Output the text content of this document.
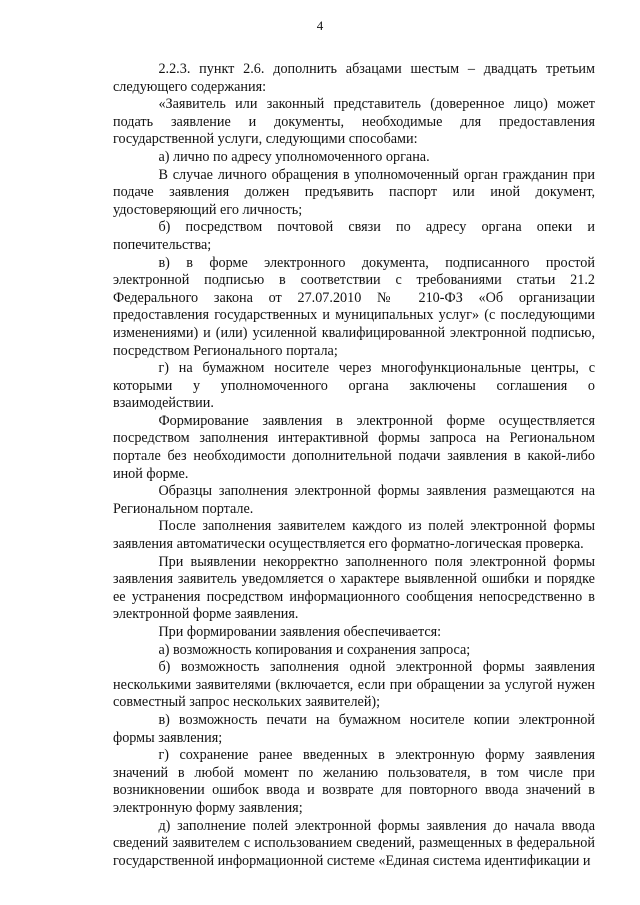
4

2.2.3. пункт 2.6. дополнить абзацами шестым – двадцать третьим следующего содержания:

«Заявитель или законный представитель (доверенное лицо) может подать заявление и документы, необходимые для предоставления государственной услуги, следующими способами:

а) лично по адресу уполномоченного органа.

В случае личного обращения в уполномоченный орган гражданин при подаче заявления должен предъявить паспорт или иной документ, удостоверяющий его личность;

б) посредством почтовой связи по адресу органа опеки и попечительства;

в) в форме электронного документа, подписанного простой электронной подписью в соответствии с требованиями статьи 21.2 Федерального закона от 27.07.2010 № 210-ФЗ «Об организации предоставления государственных и муниципальных услуг» (с последующими изменениями) и (или) усиленной квалифицированной электронной подписью, посредством Регионального портала;

г) на бумажном носителе через многофункциональные центры, с которыми у уполномоченного органа заключены соглашения о взаимодействии.

Формирование заявления в электронной форме осуществляется посредством заполнения интерактивной формы запроса на Региональном портале без необходимости дополнительной подачи заявления в какой-либо иной форме.

Образцы заполнения электронной формы заявления размещаются на Региональном портале.

После заполнения заявителем каждого из полей электронной формы заявления автоматически осуществляется его форматно-логическая проверка.

При выявлении некорректно заполненного поля электронной формы заявления заявитель уведомляется о характере выявленной ошибки и порядке ее устранения посредством информационного сообщения непосредственно в электронной форме заявления.

При формировании заявления обеспечивается:

а) возможность копирования и сохранения запроса;

б) возможность заполнения одной электронной формы заявления несколькими заявителями (включается, если при обращении за услугой нужен совместный запрос нескольких заявителей);

в) возможность печати на бумажном носителе копии электронной формы заявления;

г) сохранение ранее введенных в электронную форму заявления значений в любой момент по желанию пользователя, в том числе при возникновении ошибок ввода и возврате для повторного ввода значений в электронную форму заявления;

д) заполнение полей электронной формы заявления до начала ввода сведений заявителем с использованием сведений, размещенных в федеральной государственной информационной системе «Единая система идентификации и
